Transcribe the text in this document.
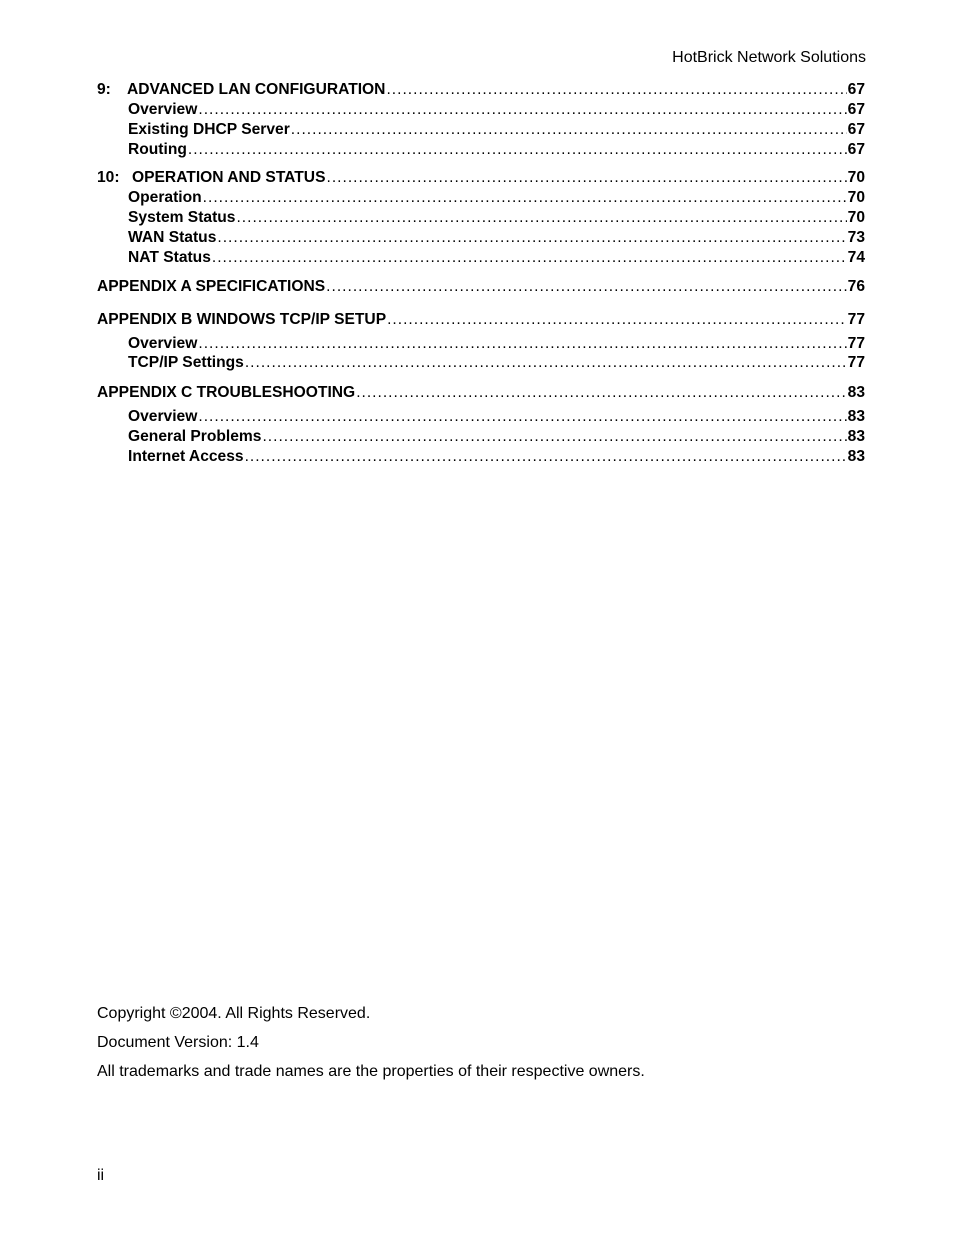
HotBrick Network Solutions
9:	ADVANCED LAN CONFIGURATION .....	67
Overview .....	67
Existing DHCP Server .....	67
Routing .....	67
10: OPERATION AND STATUS .....	70
Operation .....	70
System Status .....	70
WAN Status .....	73
NAT Status .....	74
APPENDIX A SPECIFICATIONS .....	76
APPENDIX B WINDOWS TCP/IP SETUP .....	77
Overview .....	77
TCP/IP Settings .....	77
APPENDIX C TROUBLESHOOTING .....	83
Overview .....	83
General Problems .....	83
Internet Access .....	83

Copyright ©2004. All Rights Reserved.

Document Version: 1.4

All trademarks and trade names are the properties of their respective owners.

ii
